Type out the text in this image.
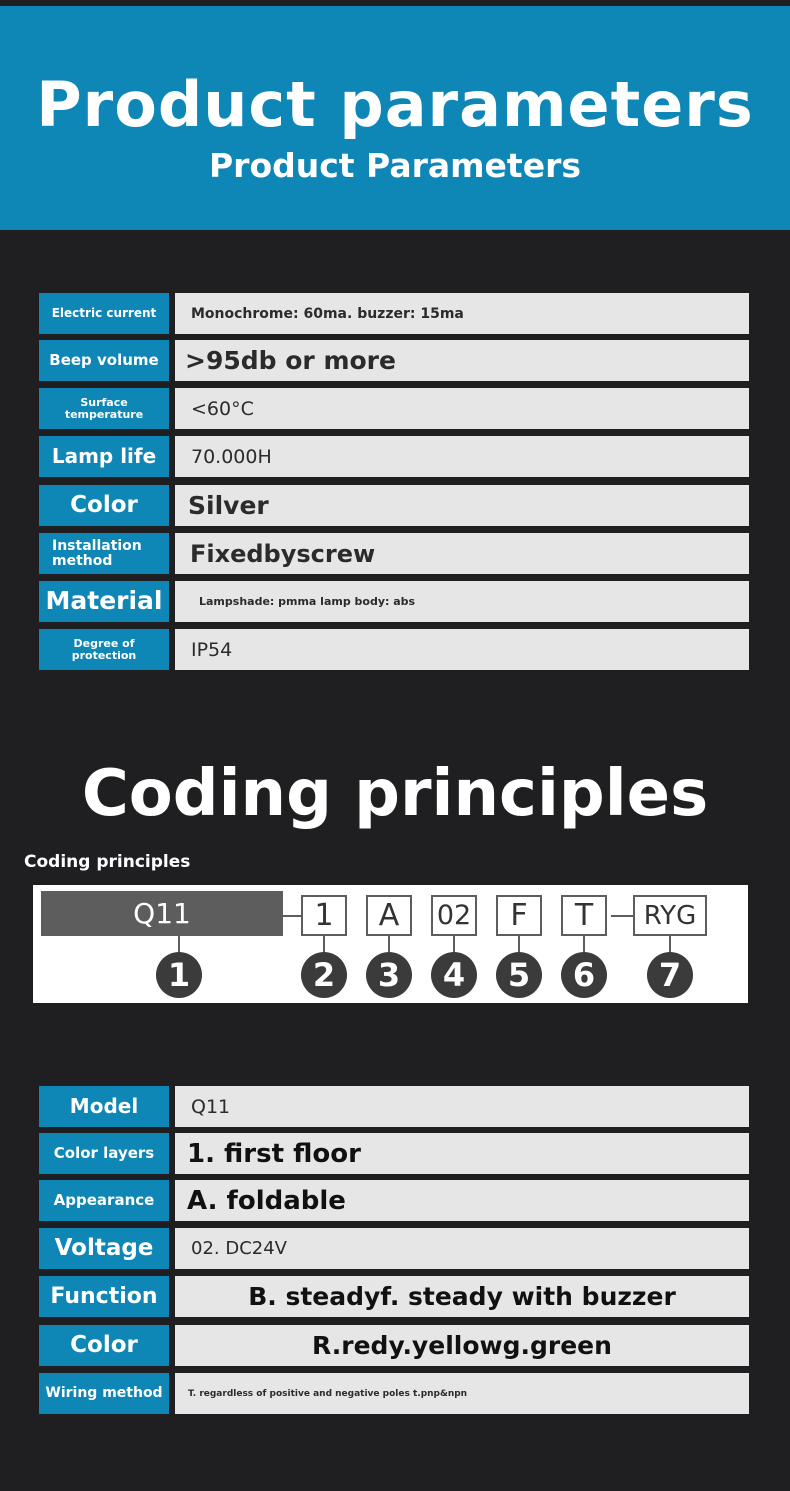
Product parameters
Product Parameters
Electric current	Monochrome: 60ma. buzzer: 15ma
Beep volume	>95db or more
Surface temperature	<60°C
Lamp life	70.000H
Color	Silver
Installation method	Fixedbyscrew
Material	Lampshade: pmma lamp body: abs
Degree of protection	IP54
Coding principles
Coding principles
Q11	1	A	02	F	T	RYG
1	2	3	4	5	6	7
Model	Q11
Color layers	1. first floor
Appearance	A. foldable
Voltage	02. DC24V
Function	B. steadyf. steady with buzzer
Color	R.redy.yellowg.green
Wiring method	T. regardless of positive and negative poles t.pnp&npn
